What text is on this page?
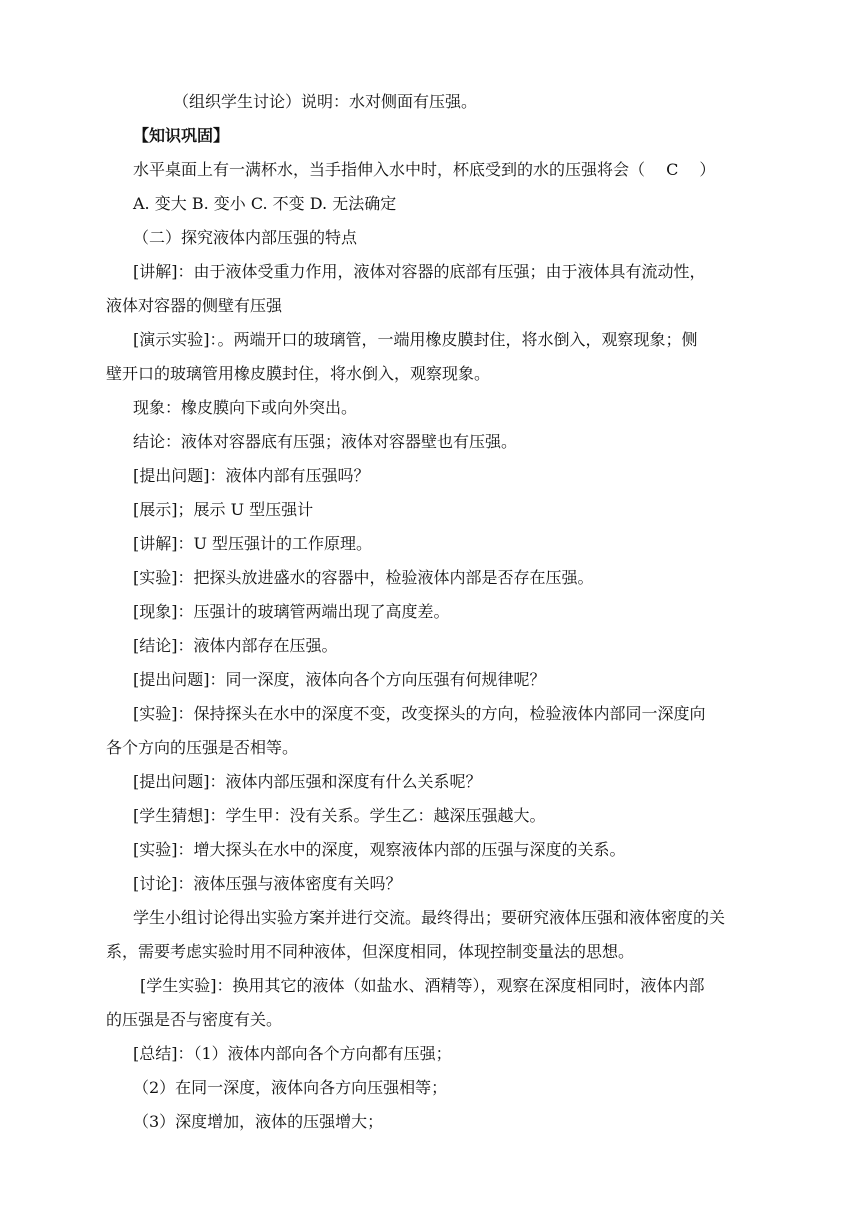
（组织学生讨论）说明：水对侧面有压强。
【知识巩固】
水平桌面上有一满杯水，当手指伸入水中时，杯底受到的水的压强将会（　 C　 ）
A. 变大 B. 变小 C. 不变 D. 无法确定
（二）探究液体内部压强的特点
[讲解]：由于液体受重力作用，液体对容器的底部有压强；由于液体具有流动性，
液体对容器的侧壁有压强
[演示实验]：。两端开口的玻璃管，一端用橡皮膜封住，将水倒入，观察现象；侧
壁开口的玻璃管用橡皮膜封住，将水倒入，观察现象。
现象：橡皮膜向下或向外突出。
结论：液体对容器底有压强；液体对容器壁也有压强。
[提出问题]：液体内部有压强吗？
[展示]；展示 U 型压强计
[讲解]：U 型压强计的工作原理。
[实验]：把探头放进盛水的容器中，检验液体内部是否存在压强。
[现象]：压强计的玻璃管两端出现了高度差。
[结论]：液体内部存在压强。
[提出问题]：同一深度，液体向各个方向压强有何规律呢？
[实验]：保持探头在水中的深度不变，改变探头的方向，检验液体内部同一深度向
各个方向的压强是否相等。
[提出问题]：液体内部压强和深度有什么关系呢？
[学生猜想]：学生甲：没有关系。学生乙：越深压强越大。
[实验]：增大探头在水中的深度，观察液体内部的压强与深度的关系。
[讨论]：液体压强与液体密度有关吗？
学生小组讨论得出实验方案并进行交流。最终得出；要研究液体压强和液体密度的关
系，需要考虑实验时用不同种液体，但深度相同，体现控制变量法的思想。
[学生实验]：换用其它的液体（如盐水、酒精等），观察在深度相同时，液体内部
的压强是否与密度有关。
[总结]：（1）液体内部向各个方向都有压强；
（2）在同一深度，液体向各方向压强相等；
（3）深度增加，液体的压强增大；
